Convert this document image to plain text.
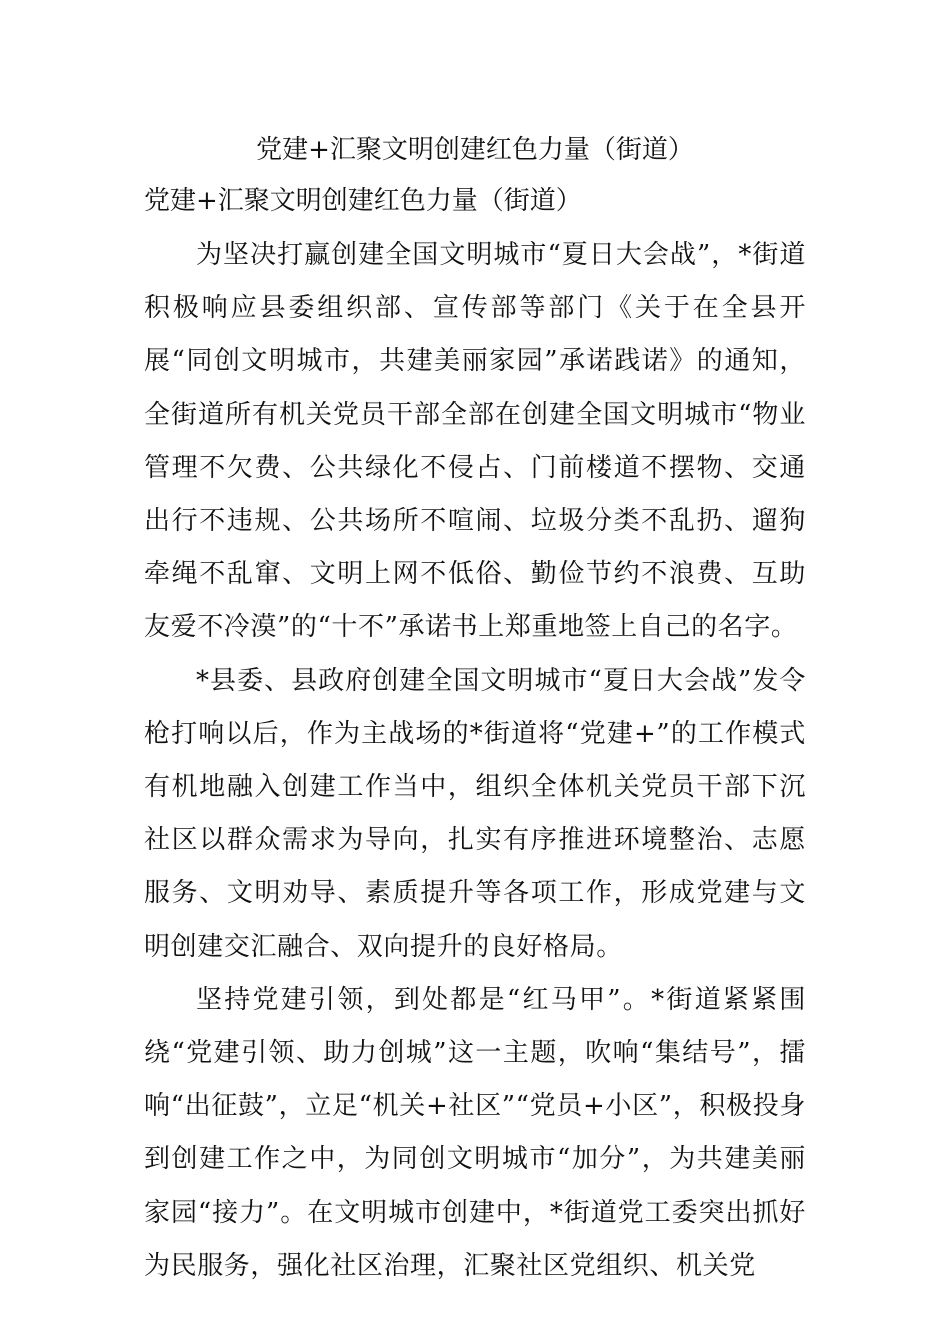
党建+汇聚文明创建红色力量（街道）
党建+汇聚文明创建红色力量（街道）

为坚决打赢创建全国文明城市“夏日大会战”，*街道积极响应县委组织部、宣传部等部门《关于在全县开展“同创文明城市，共建美丽家园”承诺践诺》的通知，全街道所有机关党员干部全部在创建全国文明城市“物业管理不欠费、公共绿化不侵占、门前楼道不摆物、交通出行不违规、公共场所不喧闹、垃圾分类不乱扔、遛狗牵绳不乱窜、文明上网不低俗、勤俭节约不浪费、互助友爱不冷漠”的“十不”承诺书上郑重地签上自己的名字。

*县委、县政府创建全国文明城市“夏日大会战”发令枪打响以后，作为主战场的*街道将“党建+”的工作模式有机地融入创建工作当中，组织全体机关党员干部下沉社区以群众需求为导向，扎实有序推进环境整治、志愿服务、文明劝导、素质提升等各项工作，形成党建与文明创建交汇融合、双向提升的良好格局。

坚持党建引领，到处都是“红马甲”。*街道紧紧围绕“党建引领、助力创城”这一主题，吹响“集结号”，擂响“出征鼓”，立足“机关+社区”“党员+小区”，积极投身到创建工作之中，为同创文明城市“加分”，为共建美丽家园“接力”。在文明城市创建中，*街道党工委突出抓好为民服务，强化社区治理，汇聚社区党组织、机关党
